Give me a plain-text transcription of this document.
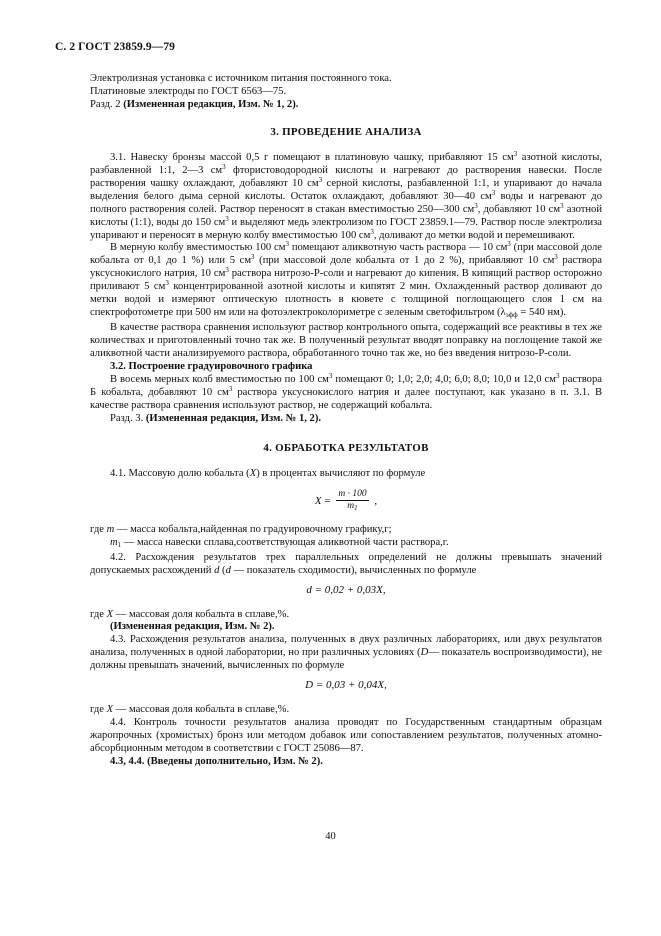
С. 2 ГОСТ 23859.9—79

Электролизная установка с источником питания постоянного тока.

Платиновые электроды по ГОСТ 6563—75.

Разд. 2 (Измененная редакция, Изм. № 1, 2).

3. ПРОВЕДЕНИЕ АНАЛИЗА

3.1. Навеску бронзы массой 0,5 г помещают в платиновую чашку, прибавляют 15 $см^3$ азотной кислоты, разбавленной 1:1, 2—3 $см^3$ фтористоводородной кислоты и нагревают до растворения навески. После растворения чашку охлаждают, добавляют 10 $см^3$ серной кислоты, разбавленной 1:1, и упаривают до начала выделения белого дыма серной кислоты. Остаток охлаждают, добавляют 30—40 $см^3$ воды и нагревают до полного растворения солей. Раствор переносят в стакан вместимостью 250—300 $см^3$, добавляют 10 $см^3$ азотной кислоты (1:1), воды до 150 $см^3$ и выделяют медь электролизом по ГОСТ 23859.1—79. Раствор после электролиза упаривают и переносят в мерную колбу вместимостью 100 $см^3$, доливают до метки водой и перемешивают.

В мерную колбу вместимостью 100 $см^3$ помещают аликвотную часть раствора — 10 $см^3$ (при массовой доле кобальта от 0,1 до 1 %) или 5 $см^3$ (при массовой доле кобальта от 1 до 2 %), прибавляют 10 $см^3$ раствора уксуснокислого натрия, 10 $см^3$ раствора нитрозо-Р-соли и нагревают до кипения. В кипящий раствор осторожно приливают 5 $см^3$ концентрированной азотной кислоты и кипятят 2 мин. Охлажденный раствор доливают до метки водой и измеряют оптическую плотность в кювете с толщиной поглощающего слоя 1 см на спектрофотометре при 500 нм или на фотоэлектроколориметре с зеленым светофильтром ($\lambda_{эфф} = 540$ нм).

В качестве раствора сравнения используют раствор контрольного опыта, содержащий все реактивы в тех же количествах и приготовленный точно так же. В полученный результат вводят поправку на поглощение такой же аликвотной части анализируемого раствора, обработанного точно так же, но без введения нитрозо-Р-соли.

3.2. Построение градуировочного графика

В восемь мерных колб вместимостью по 100 $см^3$ помещают 0; 1,0; 2,0; 4,0; 6,0; 8,0; 10,0 и 12,0 $см^3$ раствора Б кобальта, добавляют 10 $см^3$ раствора уксуснокислого натрия и далее поступают, как указано в п. 3.1. В качестве раствора сравнения используют раствор, не содержащий кобальта.

Разд. 3. (Измененная редакция, Изм. № 1, 2).

4. ОБРАБОТКА РЕЗУЛЬТАТОВ

4.1. Массовую долю кобальта (X) в процентах вычисляют по формуле

$X = \frac{m \cdot 100}{m_1}$ ,

где m — масса кобальта,найденная по градуировочному графику,г;

$m_1$ — масса навески сплава,соответствующая аликвотной части раствора,г.

4.2. Расхождения результатов трех параллельных определений не должны превышать значений допускаемых расхождений d (d — показатель сходимости), вычисленных по формуле

d = 0,02 + 0,03X,

где X — массовая доля кобальта в сплаве,%.

(Измененная редакция, Изм. № 2).

4.3. Расхождения результатов анализа, полученных в двух различных лабораториях, или двух результатов анализа, полученных в одной лаборатории, но при различных условиях (D— показатель воспроизводимости), не должны превышать значений, вычисленных по формуле

D = 0,03 + 0,04X,

где X — массовая доля кобальта в сплаве,%.

4.4. Контроль точности результатов анализа проводят по Государственным стандартным образцам жаропрочных (хромистых) бронз или методом добавок или сопоставлением результатов, полученных атомно-абсорбционным методом в соответствии с ГОСТ 25086—87.

4.3, 4.4. (Введены дополнительно, Изм. № 2).

40
